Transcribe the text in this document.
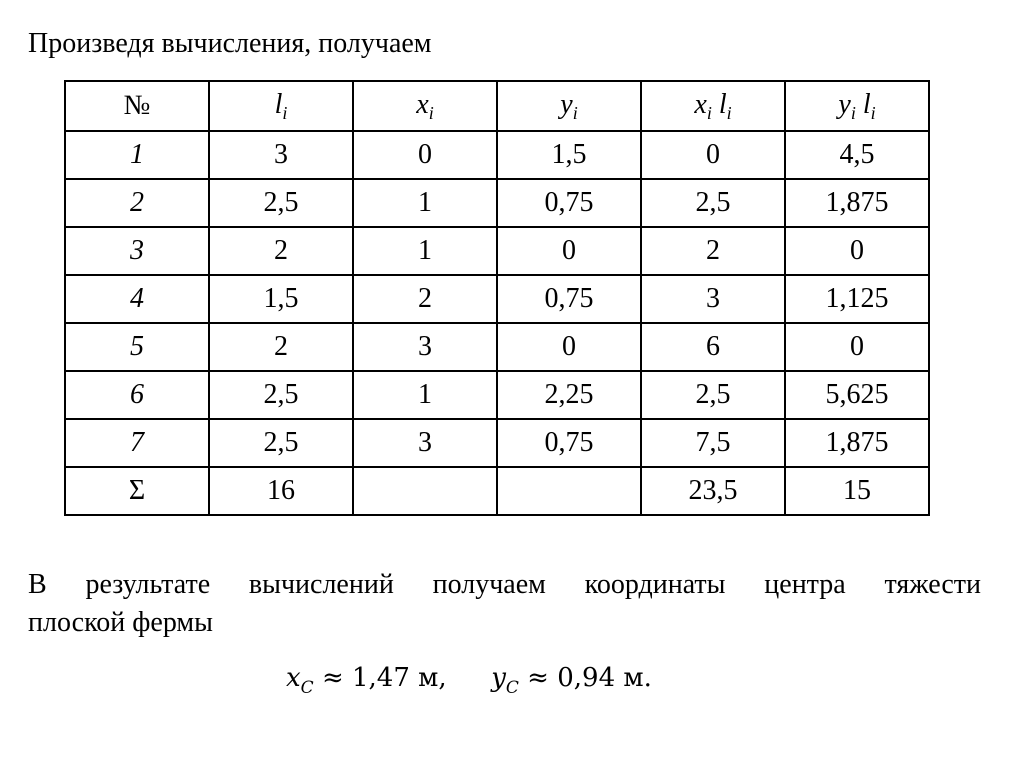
Произведя вычисления, получаем
№	$l_i$	$x_i$	$y_i$	$x_i$ $l_i$	$y_i$ $l_i$
1	3	0	1,5	0	4,5
2	2,5	1	0,75	2,5	1,875
3	2	1	0	2	0
4	1,5	2	0,75	3	1,125
5	2	3	0	6	0
6	2,5	1	2,25	2,5	5,625
7	2,5	3	0,75	7,5	1,875
Σ	16			23,5	15
В результате вычислений получаем координаты центра тяжести
плоской фермы
$x_C \approx 1,47$ м, $y_C \approx 0,94$ м.
